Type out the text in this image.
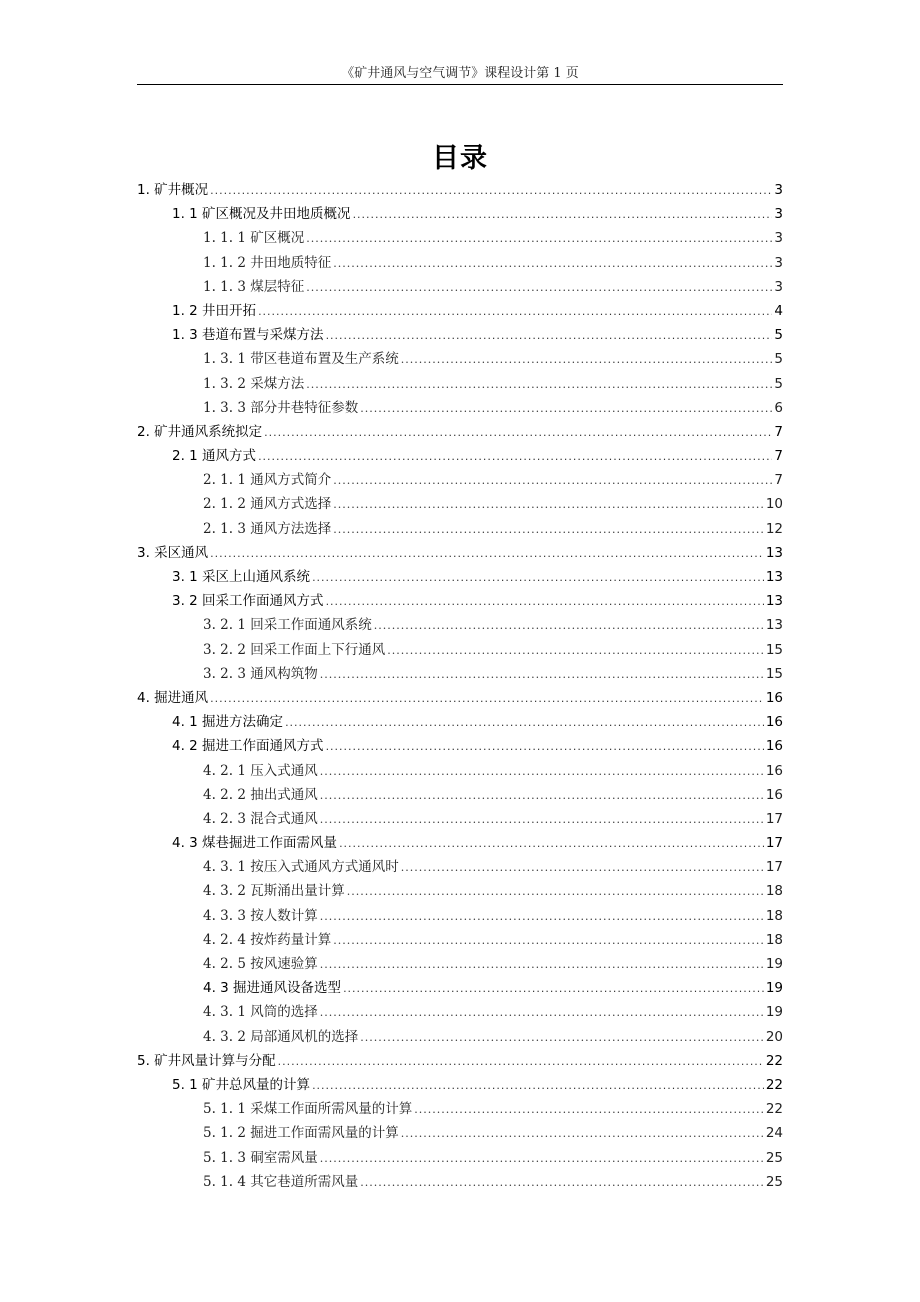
《矿井通风与空气调节》课程设计第 1 页
目录
1. 矿井概况 .....	3
1. 1 矿区概况及井田地质概况 .....	3
1. 1. 1 矿区概况 .....	3
1. 1. 2 井田地质特征 .....	3
1. 1. 3 煤层特征 .....	3
1. 2 井田开拓 .....	4
1. 3 巷道布置与采煤方法 .....	5
1. 3. 1 带区巷道布置及生产系统 .....	5
1. 3. 2 采煤方法 .....	5
1. 3. 3 部分井巷特征参数 .....	6
2. 矿井通风系统拟定 .....	7
2. 1 通风方式 .....	7
2. 1. 1 通风方式简介 .....	7
2. 1. 2 通风方式选择 .....	10
2. 1. 3 通风方法选择 .....	12
3. 采区通风 .....	13
3. 1 采区上山通风系统 .....	13
3. 2 回采工作面通风方式 .....	13
3. 2. 1 回采工作面通风系统 .....	13
3. 2. 2 回采工作面上下行通风 .....	15
3. 2. 3 通风构筑物 .....	15
4. 掘进通风 .....	16
4. 1 掘进方法确定 .....	16
4. 2 掘进工作面通风方式 .....	16
4. 2. 1 压入式通风 .....	16
4. 2. 2 抽出式通风 .....	16
4. 2. 3 混合式通风 .....	17
4. 3 煤巷掘进工作面需风量 .....	17
4. 3. 1 按压入式通风方式通风时 .....	17
4. 3. 2 瓦斯涌出量计算 .....	18
4. 3. 3 按人数计算 .....	18
4. 2. 4 按炸药量计算 .....	18
4. 2. 5 按风速验算 .....	19
4. 3 掘进通风设备选型 .....	19
4. 3. 1 风筒的选择 .....	19
4. 3. 2 局部通风机的选择 .....	20
5. 矿井风量计算与分配 .....	22
5. 1 矿井总风量的计算 .....	22
5. 1. 1 采煤工作面所需风量的计算 .....	22
5. 1. 2 掘进工作面需风量的计算 .....	24
5. 1. 3 硐室需风量 .....	25
5. 1. 4 其它巷道所需风量 .....	25
